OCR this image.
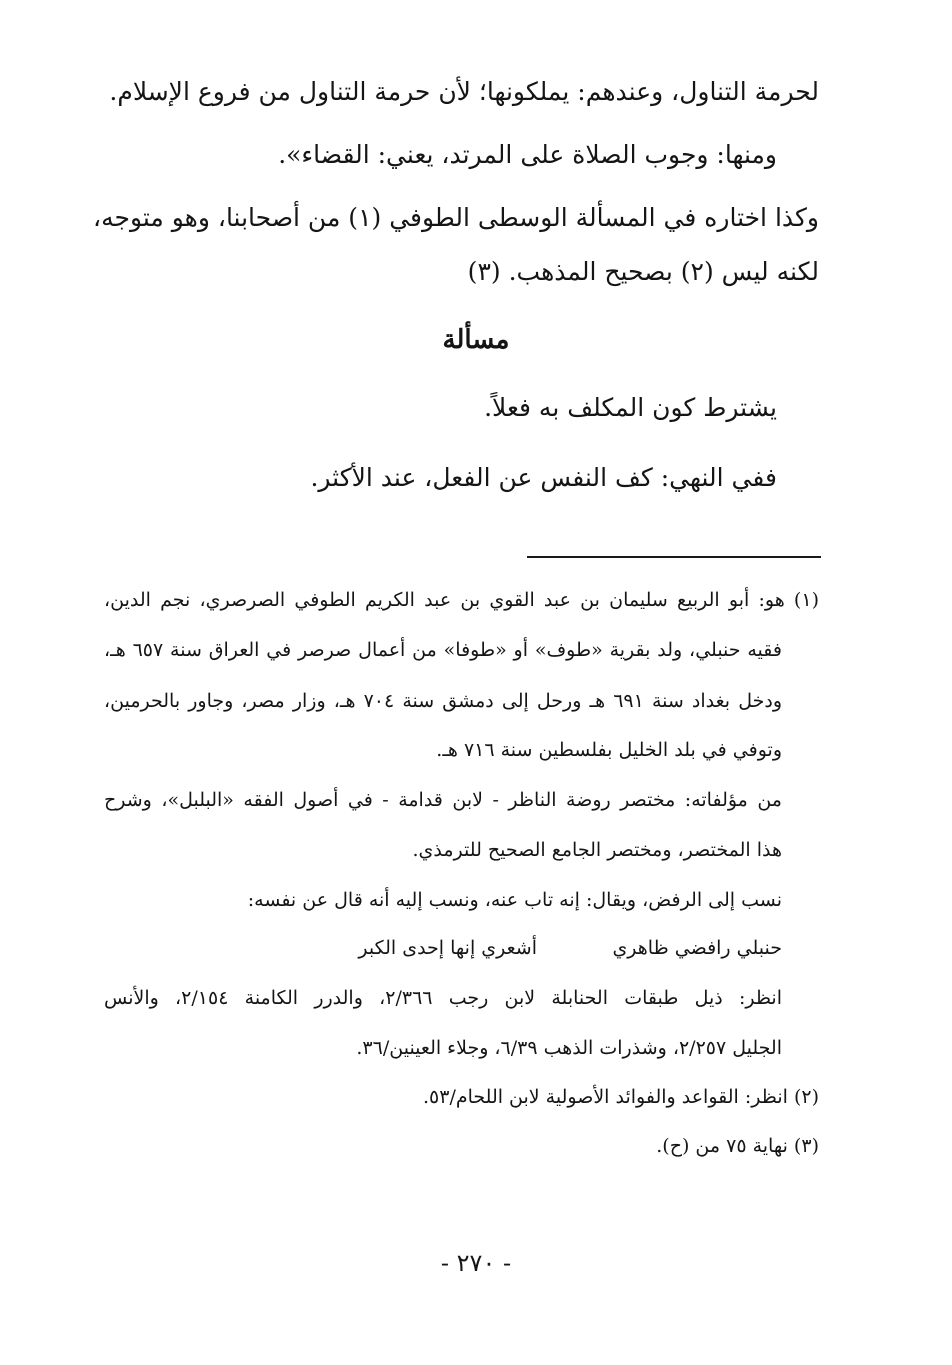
لحرمة التناول، وعندهم: يملكونها؛ لأن حرمة التناول من فروع الإسلام.
ومنها: وجوب الصلاة على المرتد، يعني: القضاء».
وكذا اختاره في المسألة الوسطى الطوفي (١) من أصحابنا، وهو متوجه،
لكنه ليس (٢) بصحيح المذهب. (٣)
مسألة
يشترط كون المكلف به فعلاً.
ففي النهي: كف النفس عن الفعل، عند الأكثر.
(١) هو: أبو الربيع سليمان بن عبد القوي بن عبد الكريم الطوفي الصرصري، نجم الدين،
فقيه حنبلي، ولد بقرية «طوف» أو «طوفا» من أعمال صرصر في العراق سنة ٦٥٧ هـ،
ودخل بغداد سنة ٦٩١ هـ ورحل إلى دمشق سنة ٧٠٤ هـ، وزار مصر، وجاور بالحرمين،
وتوفي في بلد الخليل بفلسطين سنة ٧١٦ هـ.
من مؤلفاته: مختصر روضة الناظر - لابن قدامة - في أصول الفقه «البلبل»، وشرح
هذا المختصر، ومختصر الجامع الصحيح للترمذي.
نسب إلى الرفض، ويقال: إنه تاب عنه، ونسب إليه أنه قال عن نفسه:
حنبلي رافضي ظاهري
أشعري إنها إحدى الكبر
انظر: ذيل طبقات الحنابلة لابن رجب ٢/٣٦٦، والدرر الكامنة ٢/١٥٤، والأنس
الجليل ٢/٢٥٧، وشذرات الذهب ٦/٣٩، وجلاء العينين/٣٦.
(٢) انظر: القواعد والفوائد الأصولية لابن اللحام/٥٣.
(٣) نهاية ٧٥ من (ح).
- ٢٧٠ -
